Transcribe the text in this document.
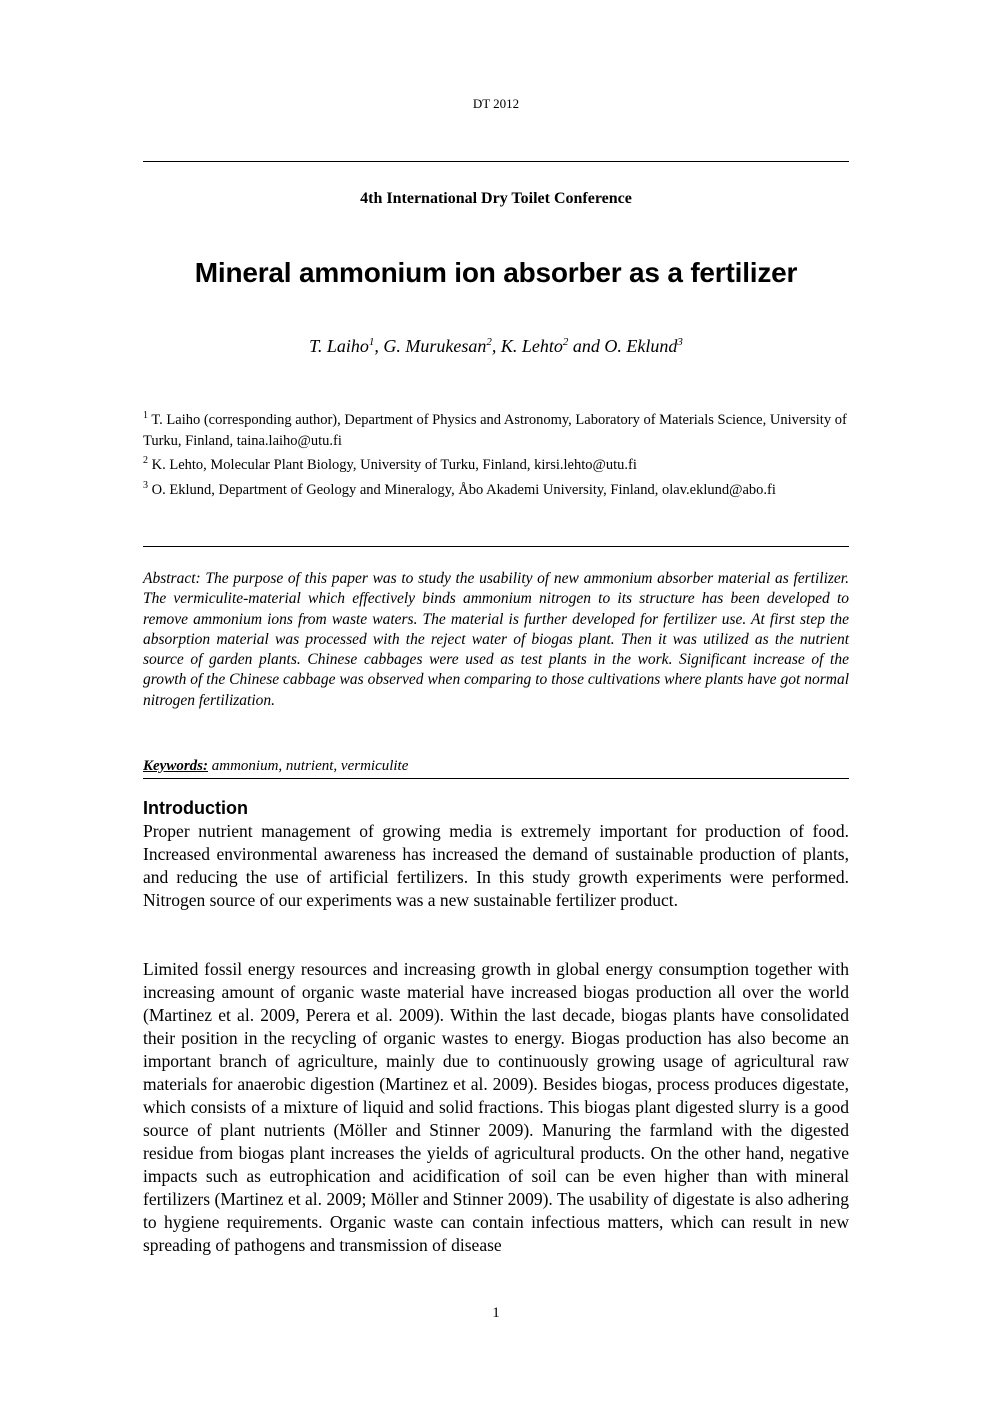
DT 2012
4th International Dry Toilet Conference
Mineral ammonium ion absorber as a fertilizer
T. Laiho$^1$, G. Murukesan$^2$, K. Lehto$^2$ and O. Eklund$^3$
$^1$ T. Laiho (corresponding author), Department of Physics and Astronomy, Laboratory of Materials Science, University of Turku, Finland, taina.laiho@utu.fi
$^2$ K. Lehto, Molecular Plant Biology, University of Turku, Finland, kirsi.lehto@utu.fi
$^3$ O. Eklund, Department of Geology and Mineralogy, Åbo Akademi University, Finland, olav.eklund@abo.fi
Abstract: The purpose of this paper was to study the usability of new ammonium absorber material as fertilizer. The vermiculite-material which effectively binds ammonium nitrogen to its structure has been developed to remove ammonium ions from waste waters. The material is further developed for fertilizer use. At first step the absorption material was processed with the reject water of biogas plant. Then it was utilized as the nutrient source of garden plants. Chinese cabbages were used as test plants in the work. Significant increase of the growth of the Chinese cabbage was observed when comparing to those cultivations where plants have got normal nitrogen fertilization.
Keywords: ammonium, nutrient, vermiculite
Introduction
Proper nutrient management of growing media is extremely important for production of food. Increased environmental awareness has increased the demand of sustainable production of plants, and reducing the use of artificial fertilizers. In this study growth experiments were performed. Nitrogen source of our experiments was a new sustainable fertilizer product.
Limited fossil energy resources and increasing growth in global energy consumption together with increasing amount of organic waste material have increased biogas production all over the world (Martinez et al. 2009, Perera et al. 2009). Within the last decade, biogas plants have consolidated their position in the recycling of organic wastes to energy. Biogas production has also become an important branch of agriculture, mainly due to continuously growing usage of agricultural raw materials for anaerobic digestion (Martinez et al. 2009). Besides biogas, process produces digestate, which consists of a mixture of liquid and solid fractions. This biogas plant digested slurry is a good source of plant nutrients (Möller and Stinner 2009). Manuring the farmland with the digested residue from biogas plant increases the yields of agricultural products. On the other hand, negative impacts such as eutrophication and acidification of soil can be even higher than with mineral fertilizers (Martinez et al. 2009; Möller and Stinner 2009). The usability of digestate is also adhering to hygiene requirements. Organic waste can contain infectious matters, which can result in new spreading of pathogens and transmission of disease
1
